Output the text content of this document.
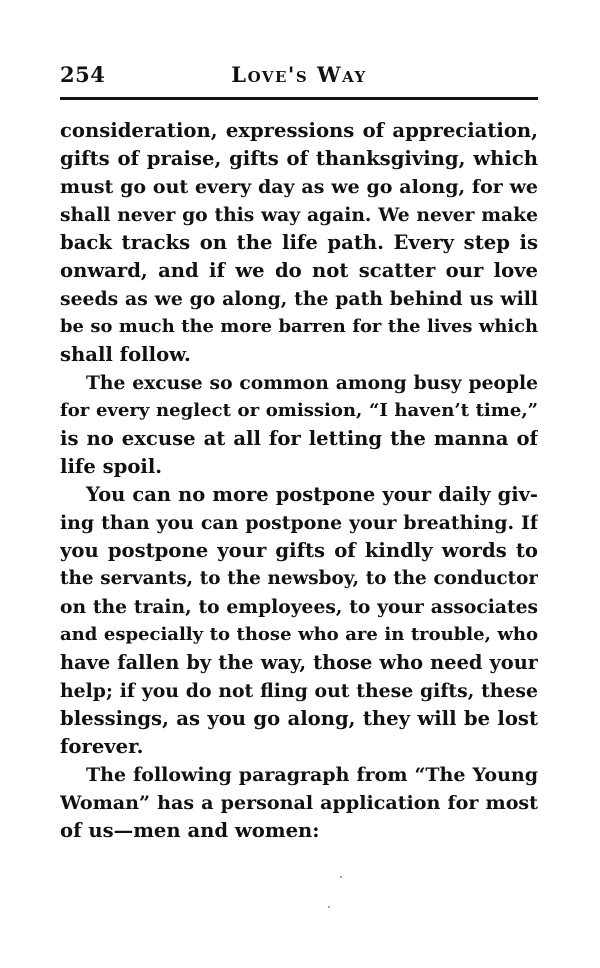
254	Love's Way
consideration, expressions of appreciation,
gifts of praise, gifts of thanksgiving, which
must go out every day as we go along, for we
shall never go this way again. We never make
back tracks on the life path. Every step is
onward, and if we do not scatter our love
seeds as we go along, the path behind us will
be so much the more barren for the lives which
shall follow.
The excuse so common among busy people
for every neglect or omission, “I haven’t time,”
is no excuse at all for letting the manna of
life spoil.
You can no more postpone your daily giv-
ing than you can postpone your breathing. If
you postpone your gifts of kindly words to
the servants, to the newsboy, to the conductor
on the train, to employees, to your associates
and especially to those who are in trouble, who
have fallen by the way, those who need your
help; if you do not fling out these gifts, these
blessings, as you go along, they will be lost
forever.
The following paragraph from “The Young
Woman” has a personal application for most
of us—men and women:
